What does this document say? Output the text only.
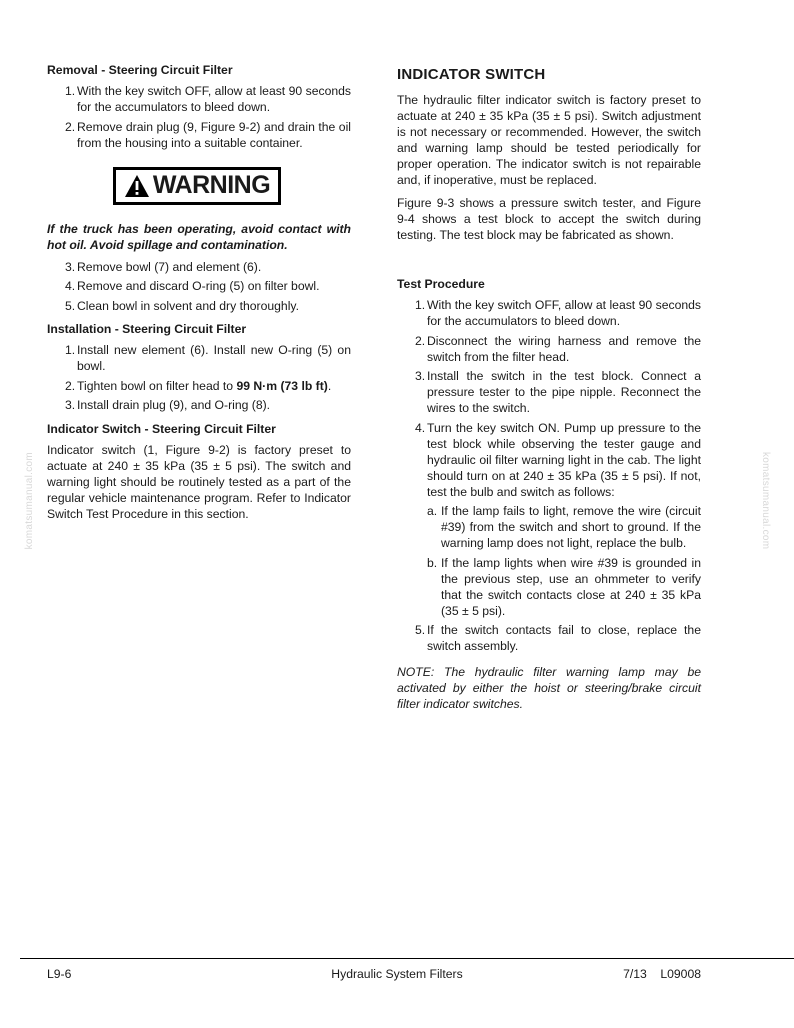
Removal - Steering Circuit Filter
1. With the key switch OFF, allow at least 90 seconds for the accumulators to bleed down.
2. Remove drain plug (9, Figure 9-2) and drain the oil from the housing into a suitable container.
WARNING
If the truck has been operating, avoid contact with hot oil. Avoid spillage and contamination.
3. Remove bowl (7) and element (6).
4. Remove and discard O-ring (5) on filter bowl.
5. Clean bowl in solvent and dry thoroughly.
Installation - Steering Circuit Filter
1. Install new element (6). Install new O-ring (5) on bowl.
2. Tighten bowl on filter head to 99 N·m (73 lb ft).
3. Install drain plug (9), and O-ring (8).
Indicator Switch - Steering Circuit Filter
Indicator switch (1, Figure 9-2) is factory preset to actuate at 240 ± 35 kPa (35 ± 5 psi). The switch and warning light should be routinely tested as a part of the regular vehicle maintenance program. Refer to Indicator Switch Test Procedure in this section.
INDICATOR SWITCH
The hydraulic filter indicator switch is factory preset to actuate at 240 ± 35 kPa (35 ± 5 psi). Switch adjustment is not necessary or recommended. However, the switch and warning lamp should be tested periodically for proper operation. The indicator switch is not repairable and, if inoperative, must be replaced.
Figure 9-3 shows a pressure switch tester, and Figure 9-4 shows a test block to accept the switch during testing. The test block may be fabricated as shown.
Test Procedure
1. With the key switch OFF, allow at least 90 seconds for the accumulators to bleed down.
2. Disconnect the wiring harness and remove the switch from the filter head.
3. Install the switch in the test block. Connect a pressure tester to the pipe nipple. Reconnect the wires to the switch.
4. Turn the key switch ON. Pump up pressure to the test block while observing the tester gauge and hydraulic oil filter warning light in the cab. The light should turn on at 240 ± 35 kPa (35 ± 5 psi). If not, test the bulb and switch as follows:
a. If the lamp fails to light, remove the wire (circuit #39) from the switch and short to ground. If the warning lamp does not light, replace the bulb.
b. If the lamp lights when wire #39 is grounded in the previous step, use an ohmmeter to verify that the switch contacts close at 240 ± 35 kPa (35 ± 5 psi).
5. If the switch contacts fail to close, replace the switch assembly.
NOTE: The hydraulic filter warning lamp may be activated by either the hoist or steering/brake circuit filter indicator switches.
komatsumanual.com	komatsumanual.com
L9-6	Hydraulic System Filters	7/13    L09008
